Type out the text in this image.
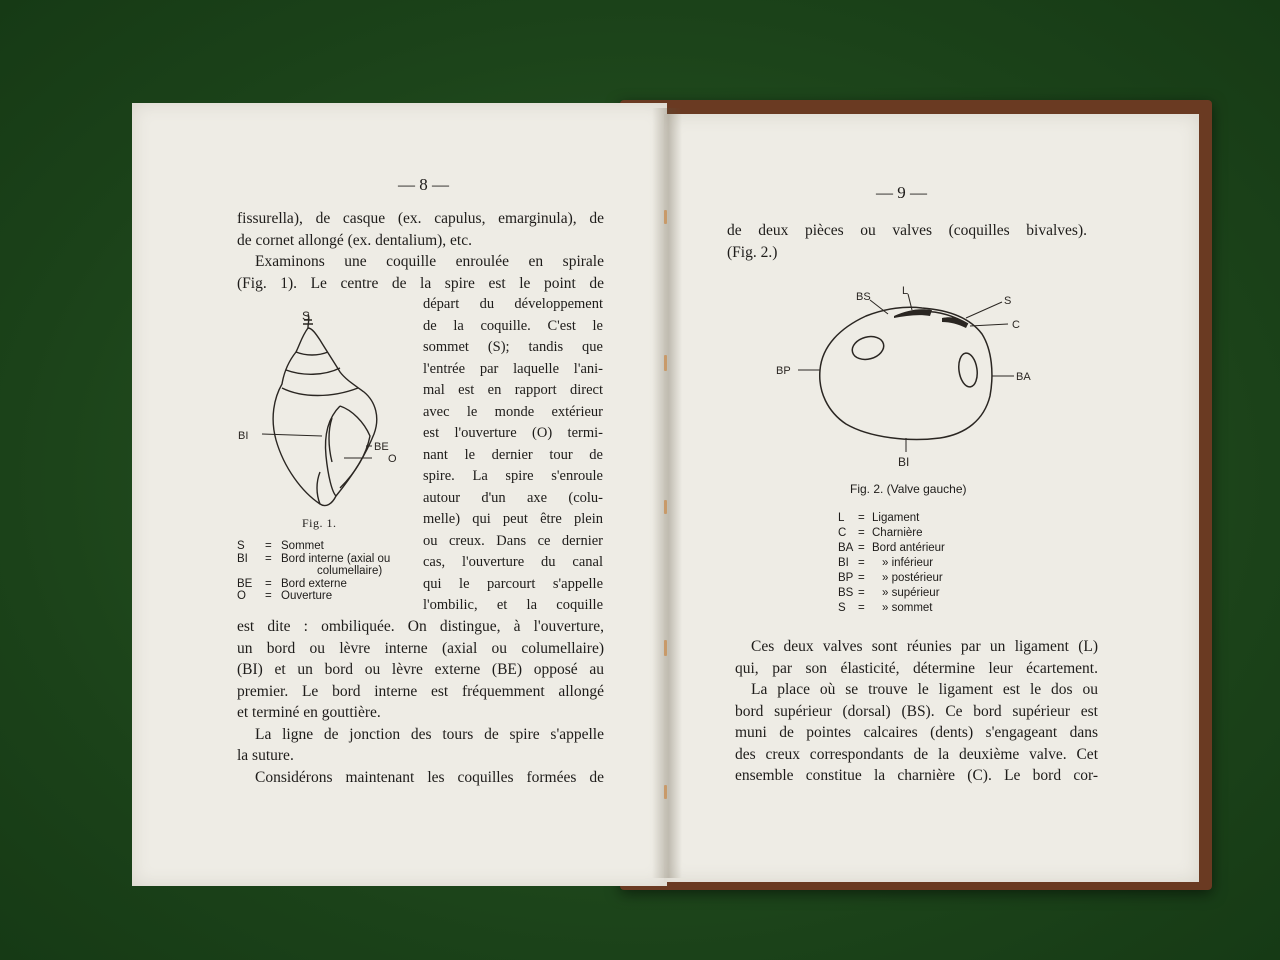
— 8 —
fissurella), de casque (ex. capulus, emarginula), de
de cornet allongé (ex. dentalium), etc.
Examinons une coquille enroulée en spirale
(Fig. 1). Le centre de la spire est le point de
départ du développement
de la coquille. C'est le
sommet (S); tandis que
l'entrée par laquelle l'ani-
mal est en rapport direct
avec le monde extérieur
est l'ouverture (O) termi-
nant le dernier tour de
spire. La spire s'enroule
autour d'un axe (colu-
melle) qui peut être plein
ou creux. Dans ce dernier
cas, l'ouverture du canal
qui le parcourt s'appelle
l'ombilic, et la coquille
S
BI
BE
O
Fig. 1.
S	= Sommet
BI	= Bord interne (axial ou
columellaire)
BE	= Bord externe
O	= Ouverture
est dite : ombiliquée. On distingue, à l'ouverture,
un bord ou lèvre interne (axial ou columellaire)
(BI) et un bord ou lèvre externe (BE) opposé au
premier. Le bord interne est fréquemment allongé
et terminé en gouttière.
La ligne de jonction des tours de spire s'appelle
la suture.
Considérons maintenant les coquilles formées de
— 9 —
de deux pièces ou valves (coquilles bivalves).
(Fig. 2.)
BS	L
S
C
BP	BA
BI
Fig. 2. (Valve gauche)
L	= Ligament
C	= Charnière
BA = Bord antérieur
BI =	» inférieur
BP =	» postérieur
BS =	» supérieur
S	=	» sommet
Ces deux valves sont réunies par un ligament (L)
qui, par son élasticité, détermine leur écartement.
La place où se trouve le ligament est le dos ou
bord supérieur (dorsal) (BS). Ce bord supérieur est
muni de pointes calcaires (dents) s'engageant dans
des creux correspondants de la deuxième valve. Cet
ensemble constitue la charnière (C). Le bord cor-
